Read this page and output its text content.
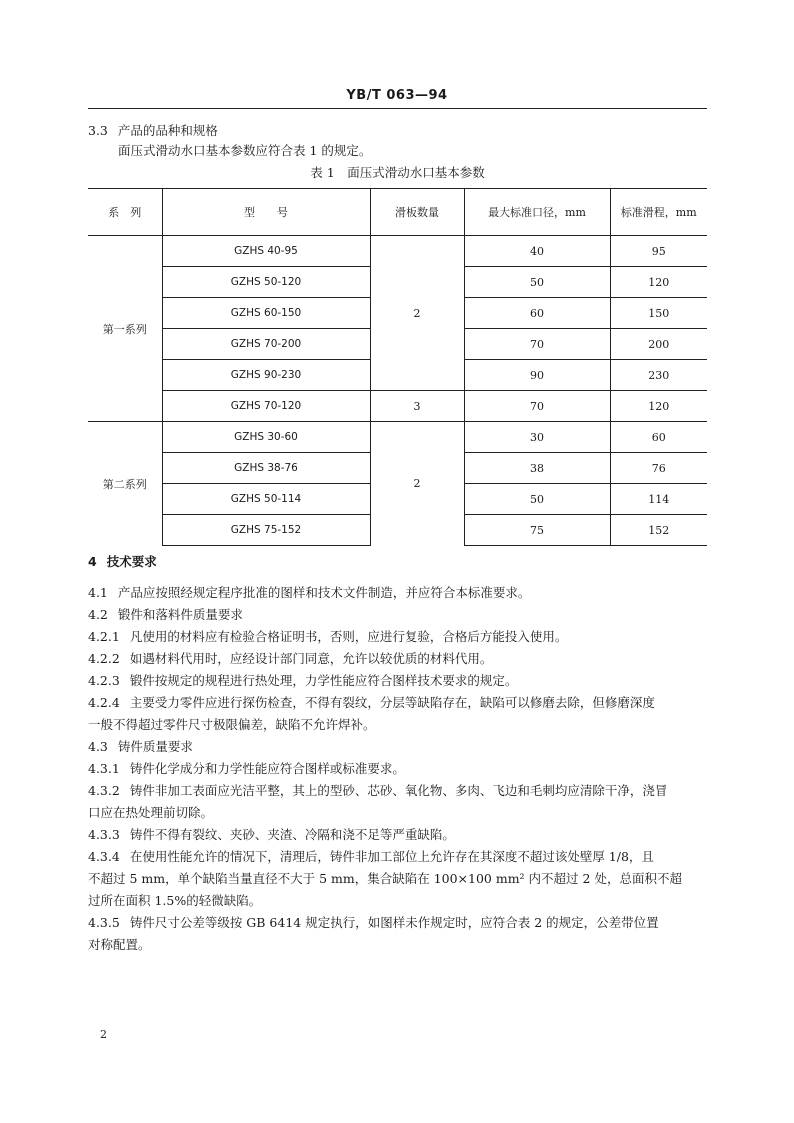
YB/T 063—94
3.3 产品的品种和规格
面压式滑动水口基本参数应符合表 1 的规定。
表 1　面压式滑动水口基本参数
系　列	型　　号	滑板数量	最大标准口径，mm	标准滑程，mm
第一系列	GZHS 40-95	2	40	95
	GZHS 50-120		50	120
	GZHS 60-150		60	150
	GZHS 70-200		70	200
	GZHS 90-230		90	230
	GZHS 70-120	3	70	120
第二系列	GZHS 30-60	2	30	60
	GZHS 38-76		38	76
	GZHS 50-114		50	114
	GZHS 75-152		75	152
4 技术要求
4.1 产品应按照经规定程序批准的图样和技术文件制造，并应符合本标准要求。
4.2 锻件和落料件质量要求
4.2.1 凡使用的材料应有检验合格证明书，否则，应进行复验，合格后方能投入使用。
4.2.2 如遇材料代用时，应经设计部门同意，允许以较优质的材料代用。
4.2.3 锻件按规定的规程进行热处理，力学性能应符合图样技术要求的规定。
4.2.4 主要受力零件应进行探伤检查，不得有裂纹，分层等缺陷存在，缺陷可以修磨去除，但修磨深度
一般不得超过零件尺寸极限偏差，缺陷不允许焊补。
4.3 铸件质量要求
4.3.1 铸件化学成分和力学性能应符合图样或标准要求。
4.3.2 铸件非加工表面应光洁平整，其上的型砂、芯砂、氧化物、多肉、飞边和毛刺均应清除干净，浇冒
口应在热处理前切除。
4.3.3 铸件不得有裂纹、夹砂、夹渣、冷隔和浇不足等严重缺陷。
4.3.4 在使用性能允许的情况下，清理后，铸件非加工部位上允许存在其深度不超过该处壁厚 1/8，且
不超过 5 mm，单个缺陷当量直径不大于 5 mm，集合缺陷在 100×100 mm² 内不超过 2 处，总面积不超
过所在面积 1.5%的轻微缺陷。
4.3.5 铸件尺寸公差等级按 GB 6414 规定执行，如图样未作规定时，应符合表 2 的规定，公差带位置
对称配置。
2
